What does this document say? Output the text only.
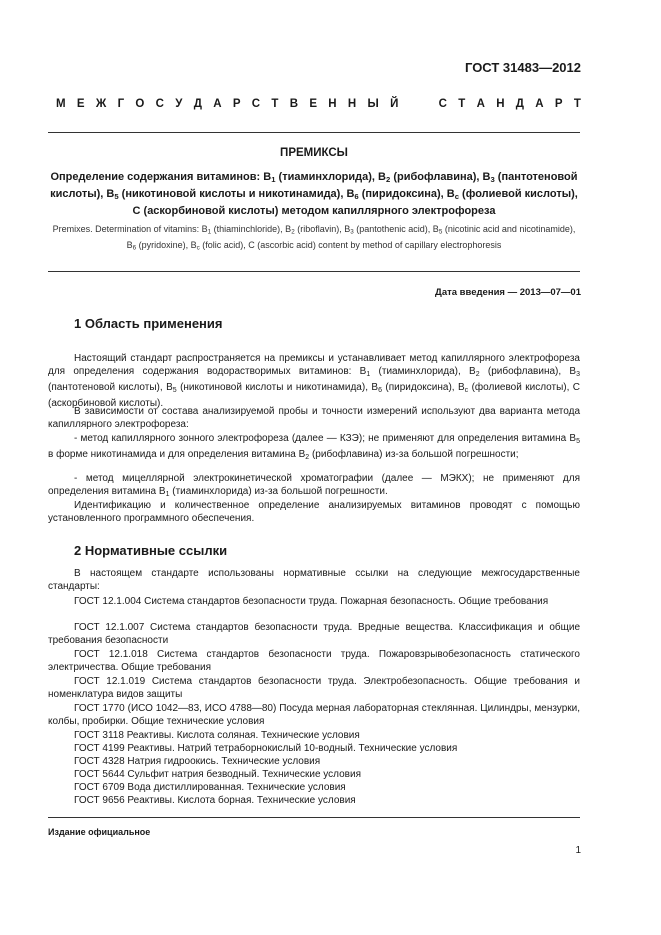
ГОСТ 31483—2012
М Е Ж Г О С У Д А Р С Т В Е Н Н Ы Й

	С Т А Н Д А Р Т
ПРЕМИКСЫ
Определение содержания витаминов: $В_1$ (тиаминхлорида), $В_2$ (рибофлавина), $В_3$ (пантотеновой кислоты), $В_5$ (никотиновой кислоты и никотинамида), $В_6$ (пиридоксина), $В_с$ (фолиевой кислоты), С (аскорбиновой кислоты) методом капиллярного электрофореза
Premixes. Determination of vitamins: $B_1$ (thiaminchloride), $B_2$ (riboflavin), $B_3$ (pantothenic acid), $B_5$ (nicotinic acid and nicotinamide), $B_6$ (pyridoxine), $B_c$ (folic acid), C (ascorbic acid) content by method of capillary electrophoresis
Дата введения — 2013—07—01
1 Область применения
Настоящий стандарт распространяется на премиксы и устанавливает метод капиллярного электрофореза для определения содержания водорастворимых витаминов: $В_1$ (тиаминхлорида), $В_2$ (рибофлавина), $В_3$ (пантотеновой кислоты), $В_5$ (никотиновой кислоты и никотинамида), $В_6$ (пиридоксина), $В_с$ (фолиевой кислоты), С (аскорбиновой кислоты).
В зависимости от состава анализируемой пробы и точности измерений используют два варианта метода капиллярного электрофореза:
- метод капиллярного зонного электрофореза (далее — КЗЭ); не применяют для определения витамина $В_5$ в форме никотинамида и для определения витамина $В_2$ (рибофлавина) из-за большой погрешности;
- метод мицеллярной электрокинетической хроматографии (далее — МЭКХ); не применяют для определения витамина $В_1$ (тиаминхлорида) из-за большой погрешности.
Идентификацию и количественное определение анализируемых витаминов проводят с помощью установленного программного обеспечения.
2 Нормативные ссылки
В настоящем стандарте использованы нормативные ссылки на следующие межгосударственные стандарты:
ГОСТ 12.1.004 Система стандартов безопасности труда. Пожарная безопасность. Общие требования
ГОСТ 12.1.007 Система стандартов безопасности труда. Вредные вещества. Классификация и общие требования безопасности
ГОСТ 12.1.018 Система стандартов безопасности труда. Пожаровзрывобезопасность статического электричества. Общие требования
ГОСТ 12.1.019 Система стандартов безопасности труда. Электробезопасность. Общие требования и номенклатура видов защиты
ГОСТ 1770 (ИСО 1042—83, ИСО 4788—80) Посуда мерная лабораторная стеклянная. Цилиндры, мензурки, колбы, пробирки. Общие технические условия
ГОСТ 3118 Реактивы. Кислота соляная. Технические условия
ГОСТ 4199 Реактивы. Натрий тетраборнокислый 10-водный. Технические условия
ГОСТ 4328 Натрия гидроокись. Технические условия
ГОСТ 5644 Сульфит натрия безводный. Технические условия
ГОСТ 6709 Вода дистиллированная. Технические условия
ГОСТ 9656 Реактивы. Кислота борная. Технические условия
Издание официальное
1
